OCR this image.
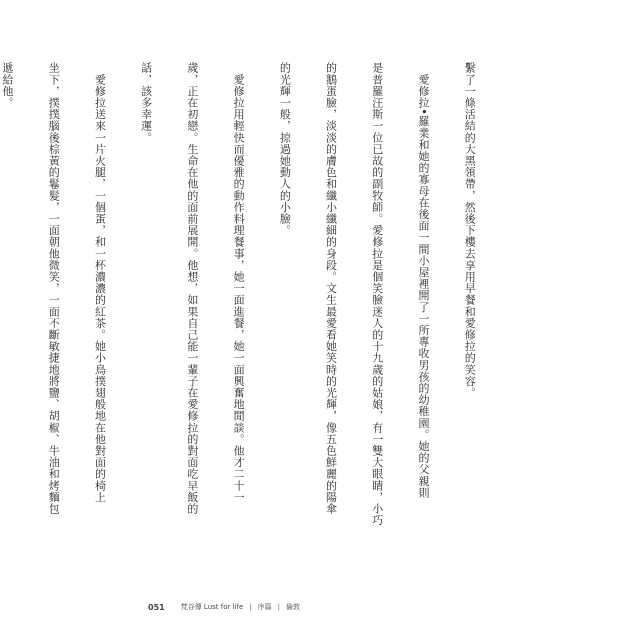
繫了一條活結的大黑領帶，然後下樓去享用早餐和愛修拉的笑容。

　愛修拉•羅業和她的寡母在後面一間小屋裡開了一所專收男孩的幼稚園。她的父親則

是普羅汪斯一位已故的副牧師。愛修拉是個笑臉迷人的十九歲的姑娘，有一雙大眼睛，小巧

的鵝蛋臉，淡淡的膚色和纖小纖細的身段。文生最愛看她笑時的光輝，像五色鮮麗的陽傘

的光輝一般，掠過她動人的小臉。

　愛修拉用輕快而優雅的動作料理餐事，她一面進餐，她一面興奮地閒談。他才二十一

歲，正在初戀。生命在他的面前展開。他想，如果自己能一輩子在愛修拉的對面吃早飯的

話，該多幸運。

　愛修拉送來一片火腿，一個蛋，和一杯濃濃的紅茶。她小鳥撲翅般地在他對面的椅上

坐下，撲撲腦後棕黃的鬈髮，一面朝他微笑，一面不斷敏捷地將鹽、胡椒、牛油和烤麵包

遞給他。

051 梵谷傳 Lust for life | 序篇 | 倫敦
